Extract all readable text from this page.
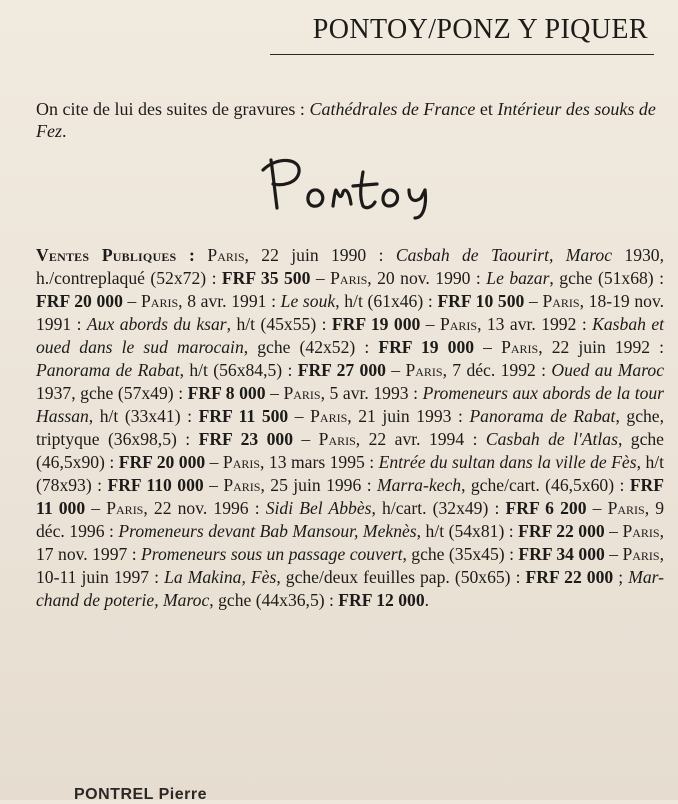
PONTOY/PONZ Y PIQUER
On cite de lui des suites de gravures : Cathédrales de France et Intérieur des souks de Fez.

Ventes Publiques : Paris, 22 juin 1990 : Casbah de Taourirt, Maroc 1930, h./contreplaqué (52x72) : FRF 35 500 – Paris, 20 nov. 1990 : Le bazar, gche (51x68) : FRF 20 000 – Paris, 8 avr. 1991 : Le souk, h/t (61x46) : FRF 10 500 – Paris, 18-19 nov. 1991 : Aux abords du ksar, h/t (45x55) : FRF 19 000 – Paris, 13 avr. 1992 : Kasbah et oued dans le sud marocain, gche (42x52) : FRF 19 000 – Paris, 22 juin 1992 : Panorama de Rabat, h/t (56x84,5) : FRF 27 000 – Paris, 7 déc. 1992 : Oued au Maroc 1937, gche (57x49) : FRF 8 000 – Paris, 5 avr. 1993 : Promeneurs aux abords de la tour Hassan, h/t (33x41) : FRF 11 500 – Paris, 21 juin 1993 : Panorama de Rabat, gche, triptyque (36x98,5) : FRF 23 000 – Paris, 22 avr. 1994 : Casbah de l'Atlas, gche (46,5x90) : FRF 20 000 – Paris, 13 mars 1995 : Entrée du sultan dans la ville de Fès, h/t (78x93) : FRF 110 000 – Paris, 25 juin 1996 : Marra-kech, gche/cart. (46,5x60) : FRF 11 000 – Paris, 22 nov. 1996 : Sidi Bel Abbès, h/cart. (32x49) : FRF 6 200 – Paris, 9 déc. 1996 : Promeneurs devant Bab Mansour, Meknès, h/t (54x81) : FRF 22 000 – Paris, 17 nov. 1997 : Promeneurs sous un passage couvert, gche (35x45) : FRF 34 000 – Paris, 10-11 juin 1997 : La Makina, Fès, gche/deux feuilles pap. (50x65) : FRF 22 000 ; Mar-chand de poterie, Maroc, gche (44x36,5) : FRF 12 000.

PONTREL Pierre
